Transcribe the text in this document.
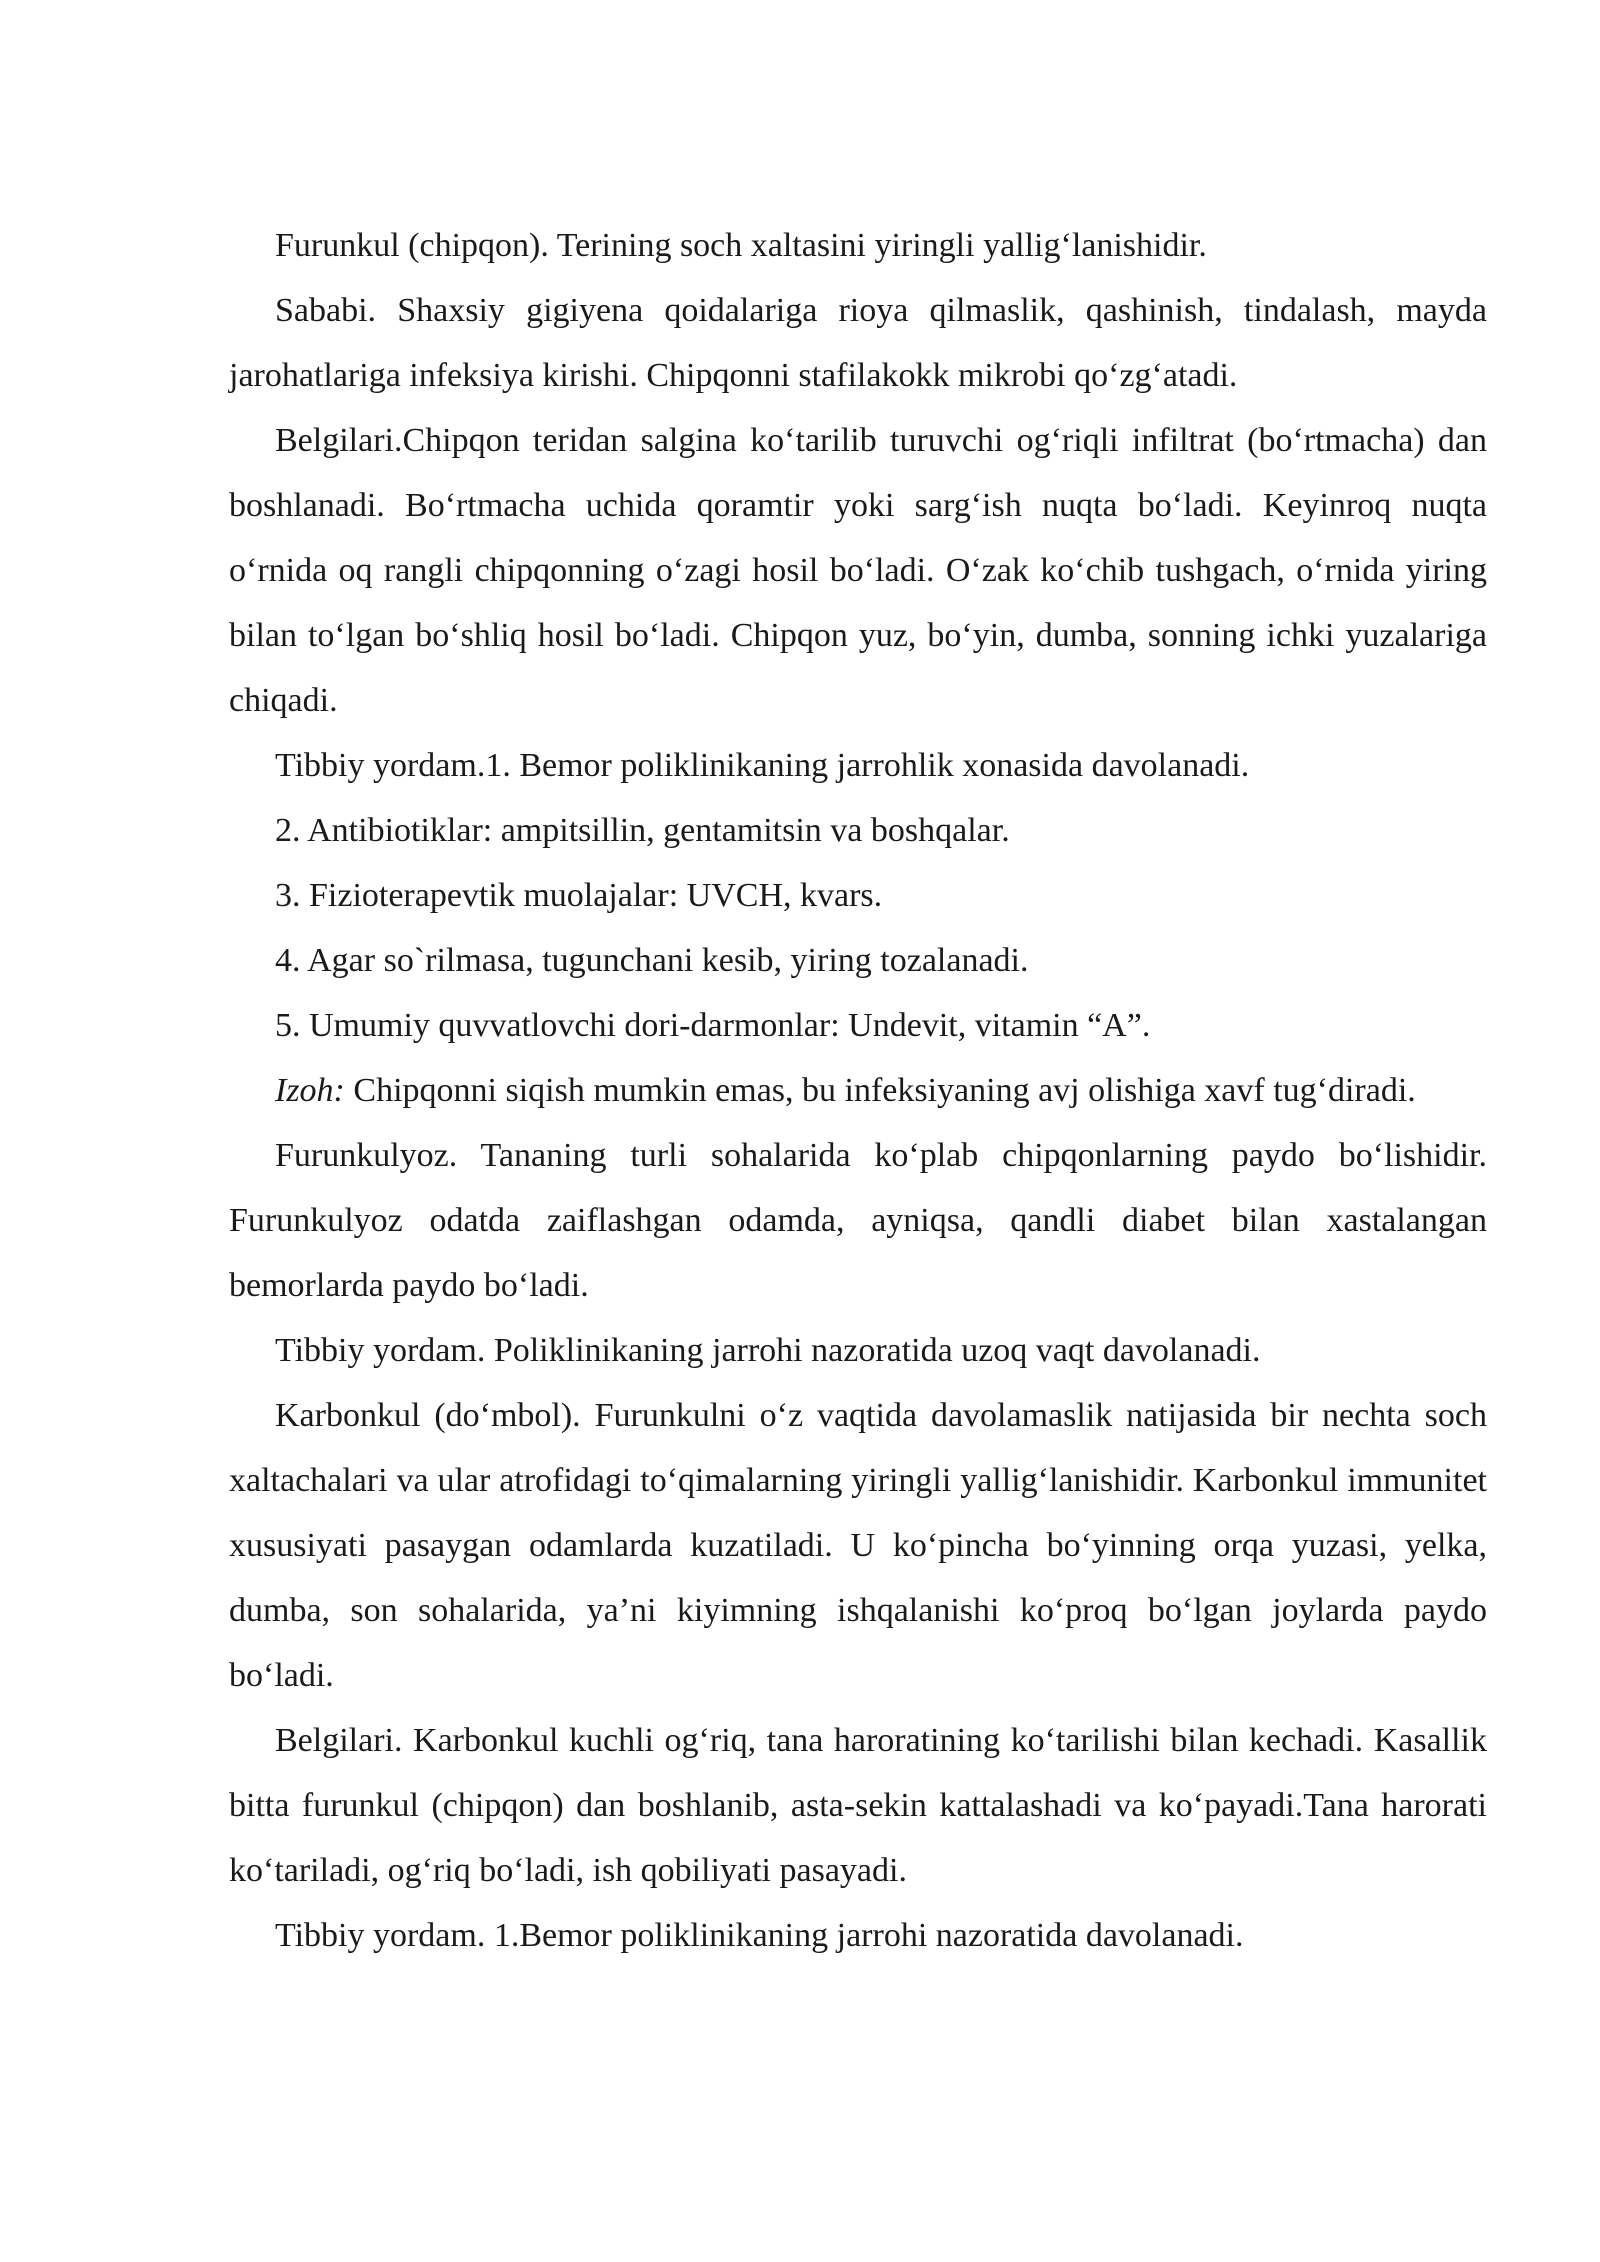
Furunkul (chipqon). Terining soch xaltasini yiringli yallig‘lanishidir.

Sababi. Shaxsiy gigiyena qoidalariga rioya qilmaslik, qashinish, tindalash, mayda jarohatlariga infeksiya kirishi. Chipqonni stafilakokk mikrobi qo‘zg‘atadi.

Belgilari.Chipqon teridan salgina ko‘tarilib turuvchi og‘riqli infiltrat (bo‘rtmacha) dan boshlanadi. Bo‘rtmacha uchida qoramtir yoki sarg‘ish nuqta bo‘ladi. Keyinroq nuqta o‘rnida oq rangli chipqonning o‘zagi hosil bo‘ladi. O‘zak ko‘chib tushgach, o‘rnida yiring bilan to‘lgan bo‘shliq hosil bo‘ladi. Chipqon yuz, bo‘yin, dumba, sonning ichki yuzalariga chiqadi.

Tibbiy yordam.1. Bemor poliklinikaning jarrohlik xonasida davolanadi.

2. Antibiotiklar: ampitsillin, gentamitsin va boshqalar.

3. Fizioterapevtik muolajalar: UVCH, kvars.

4. Agar so`rilmasa, tugunchani kesib, yiring tozalanadi.

5. Umumiy quvvatlovchi dori-darmonlar: Undevit, vitamin “A”.

Izoh: Chipqonni siqish mumkin emas, bu infeksiyaning avj olishiga xavf tug‘diradi.

Furunkulyoz. Tananing turli sohalarida ko‘plab chipqonlarning paydo bo‘lishidir. Furunkulyoz odatda zaiflashgan odamda, ayniqsa, qandli diabet bilan xastalangan bemorlarda paydo bo‘ladi.

Tibbiy yordam. Poliklinikaning jarrohi nazoratida uzoq vaqt davolanadi.

Karbonkul (do‘mbol). Furunkulni o‘z vaqtida davolamaslik natijasida bir nechta soch xaltachalari va ular atrofidagi to‘qimalarning yiringli yallig‘lanishidir. Karbonkul immunitet xususiyati pasaygan odamlarda kuzatiladi. U ko‘pincha bo‘yinning orqa yuzasi, yelka, dumba, son sohalarida, ya’ni kiyimning ishqalanishi ko‘proq bo‘lgan joylarda paydo bo‘ladi.

Belgilari. Karbonkul kuchli og‘riq, tana haroratining ko‘tarilishi bilan kechadi. Kasallik bitta furunkul (chipqon) dan boshlanib, asta-sekin kattalashadi va ko‘payadi.Tana harorati ko‘tariladi, og‘riq bo‘ladi, ish qobiliyati pasayadi.

Tibbiy yordam. 1.Bemor poliklinikaning jarrohi nazoratida davolanadi.
